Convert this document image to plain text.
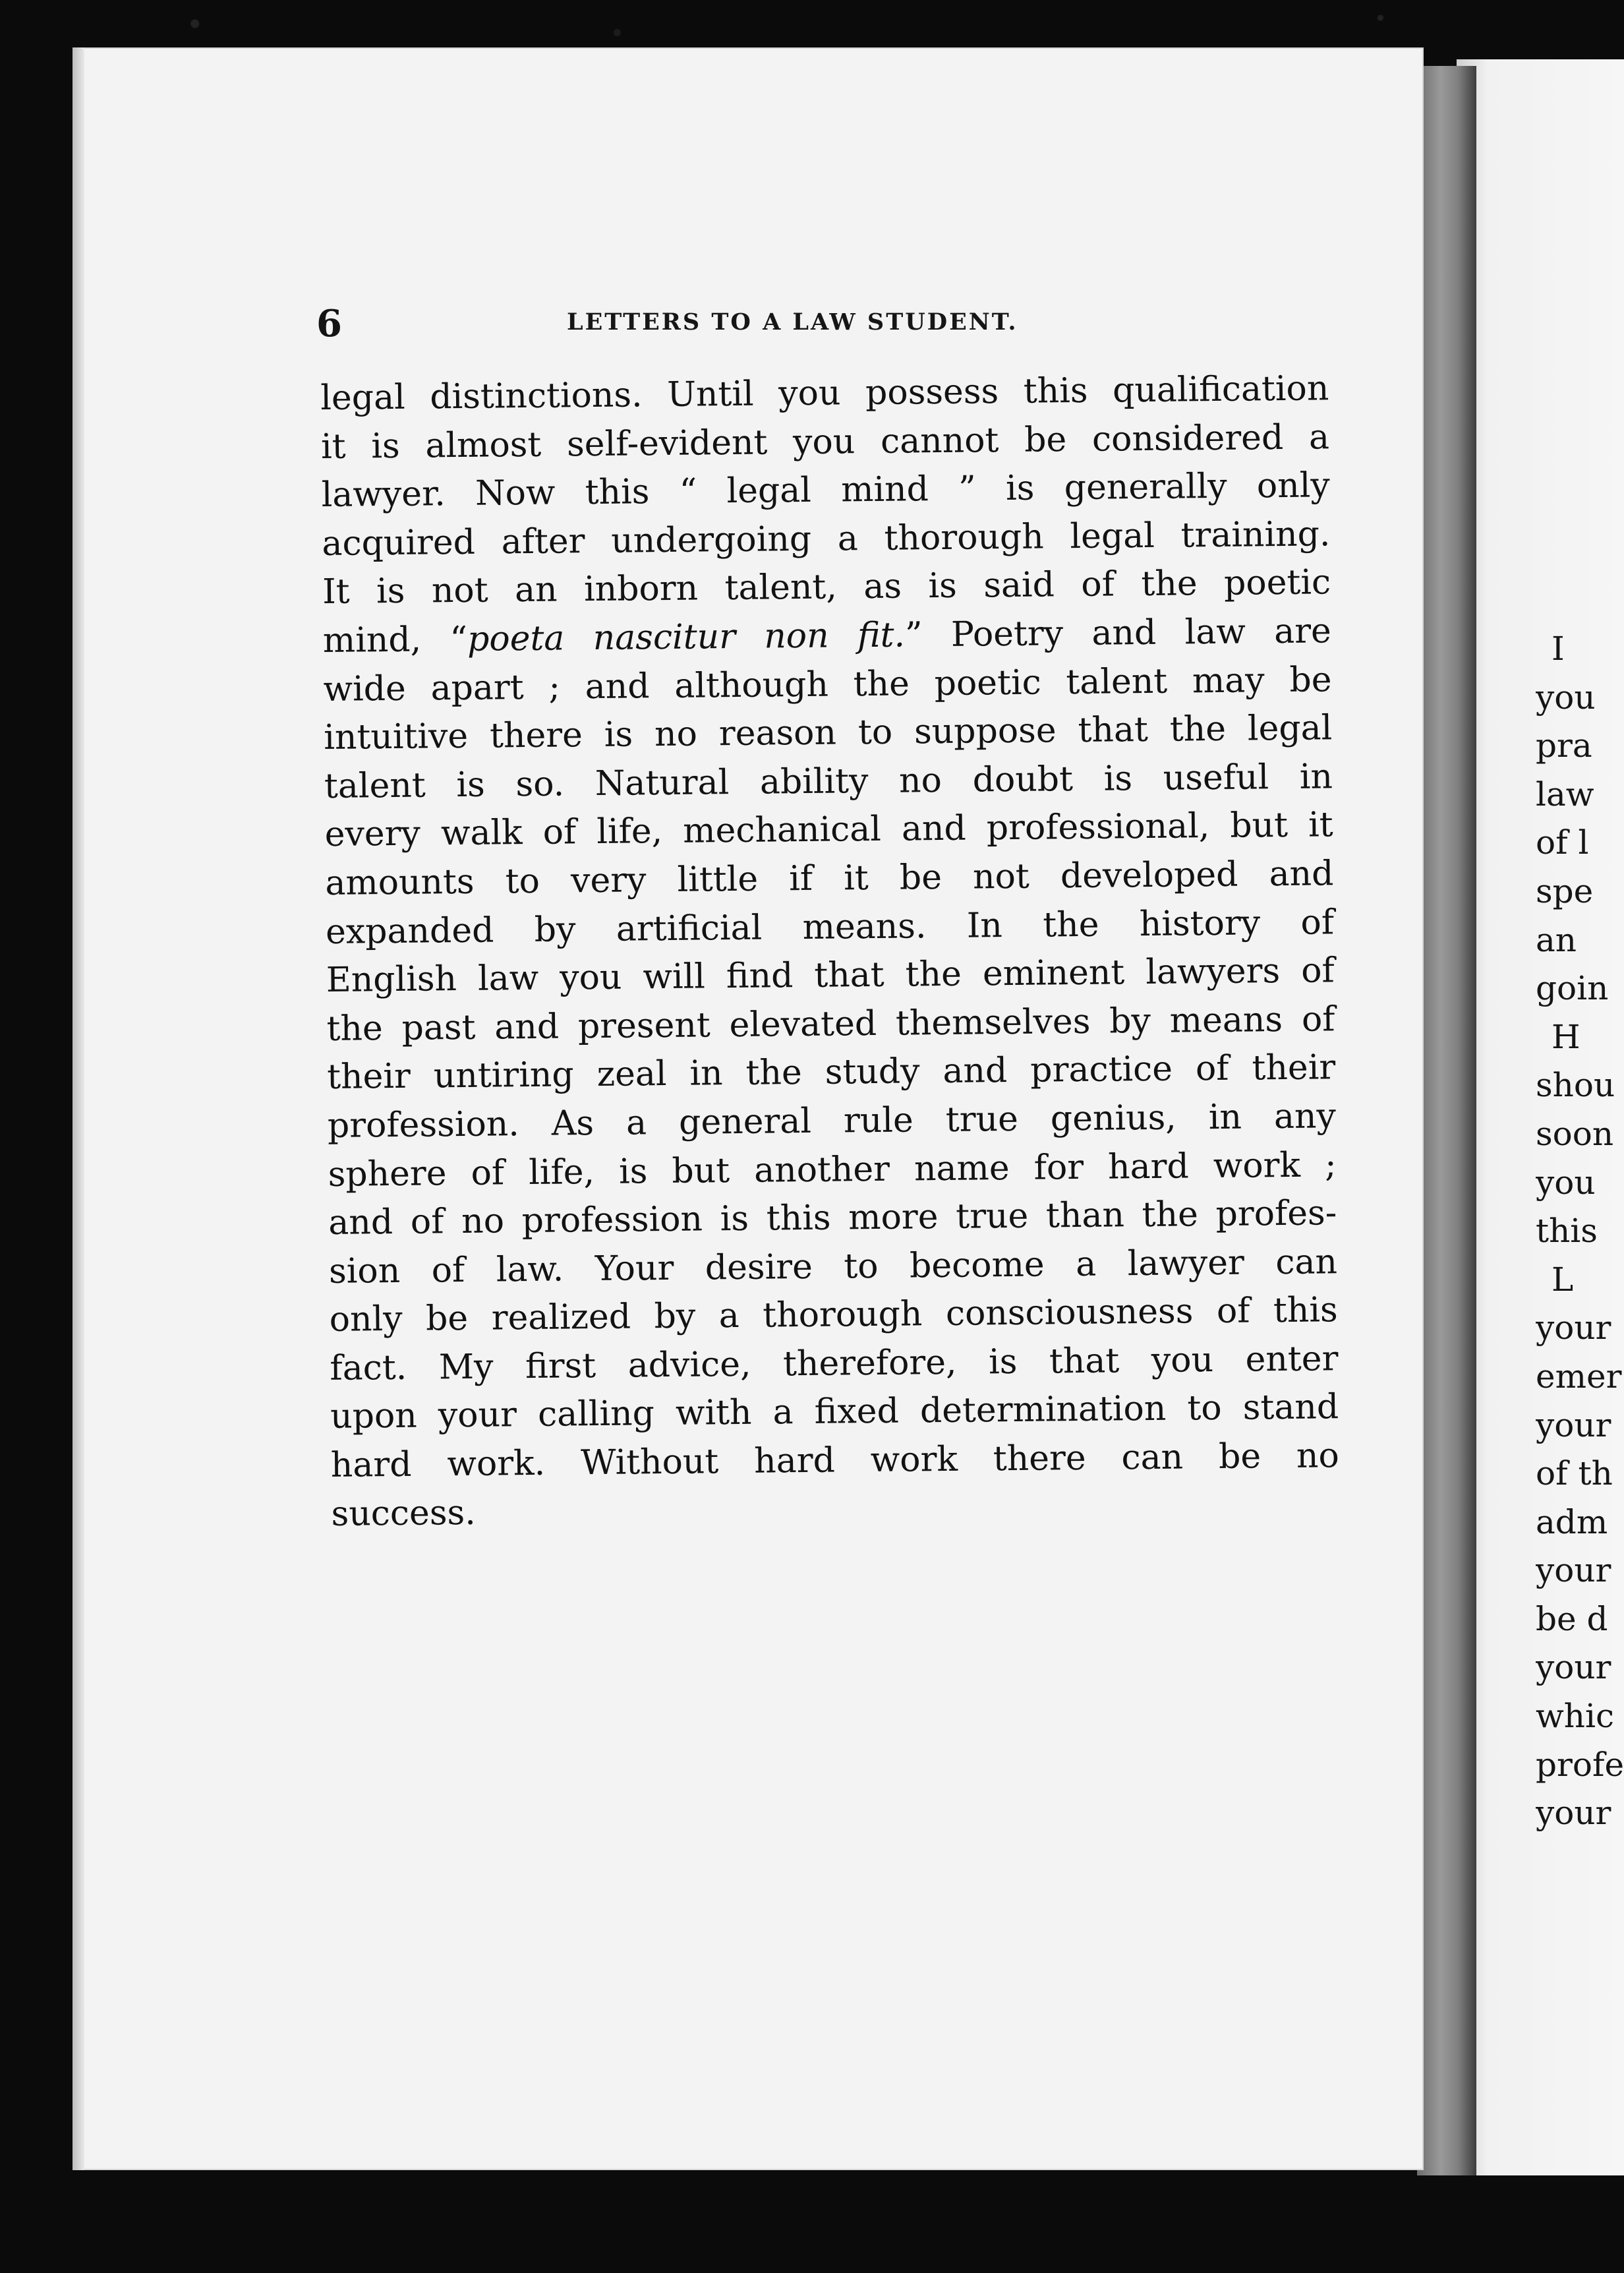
I
you
pra
law
of l
spe
an
goin
H
shou
soon
you
this
L
your
emer
your
of th
adm
your
be d
your
whic
profe
your
6	LETTERS TO A LAW STUDENT.
legal distinctions. Until you possess this qualification
it is almost self-evident you cannot be considered a
lawyer. Now this “ legal mind ” is generally only
acquired after undergoing a thorough legal training.
It is not an inborn talent, as is said of the poetic
mind, “poeta nascitur non fit.” Poetry and law are
wide apart ; and although the poetic talent may be
intuitive there is no reason to suppose that the legal
talent is so. Natural ability no doubt is useful in
every walk of life, mechanical and professional, but it
amounts to very little if it be not developed and
expanded by artificial means. In the history of
English law you will find that the eminent lawyers of
the past and present elevated themselves by means of
their untiring zeal in the study and practice of their
profession. As a general rule true genius, in any
sphere of life, is but another name for hard work ;
and of no profession is this more true than the profes-
sion of law. Your desire to become a lawyer can
only be realized by a thorough consciousness of this
fact. My first advice, therefore, is that you enter
upon your calling with a fixed determination to stand
hard work. Without hard work there can be no
success.
